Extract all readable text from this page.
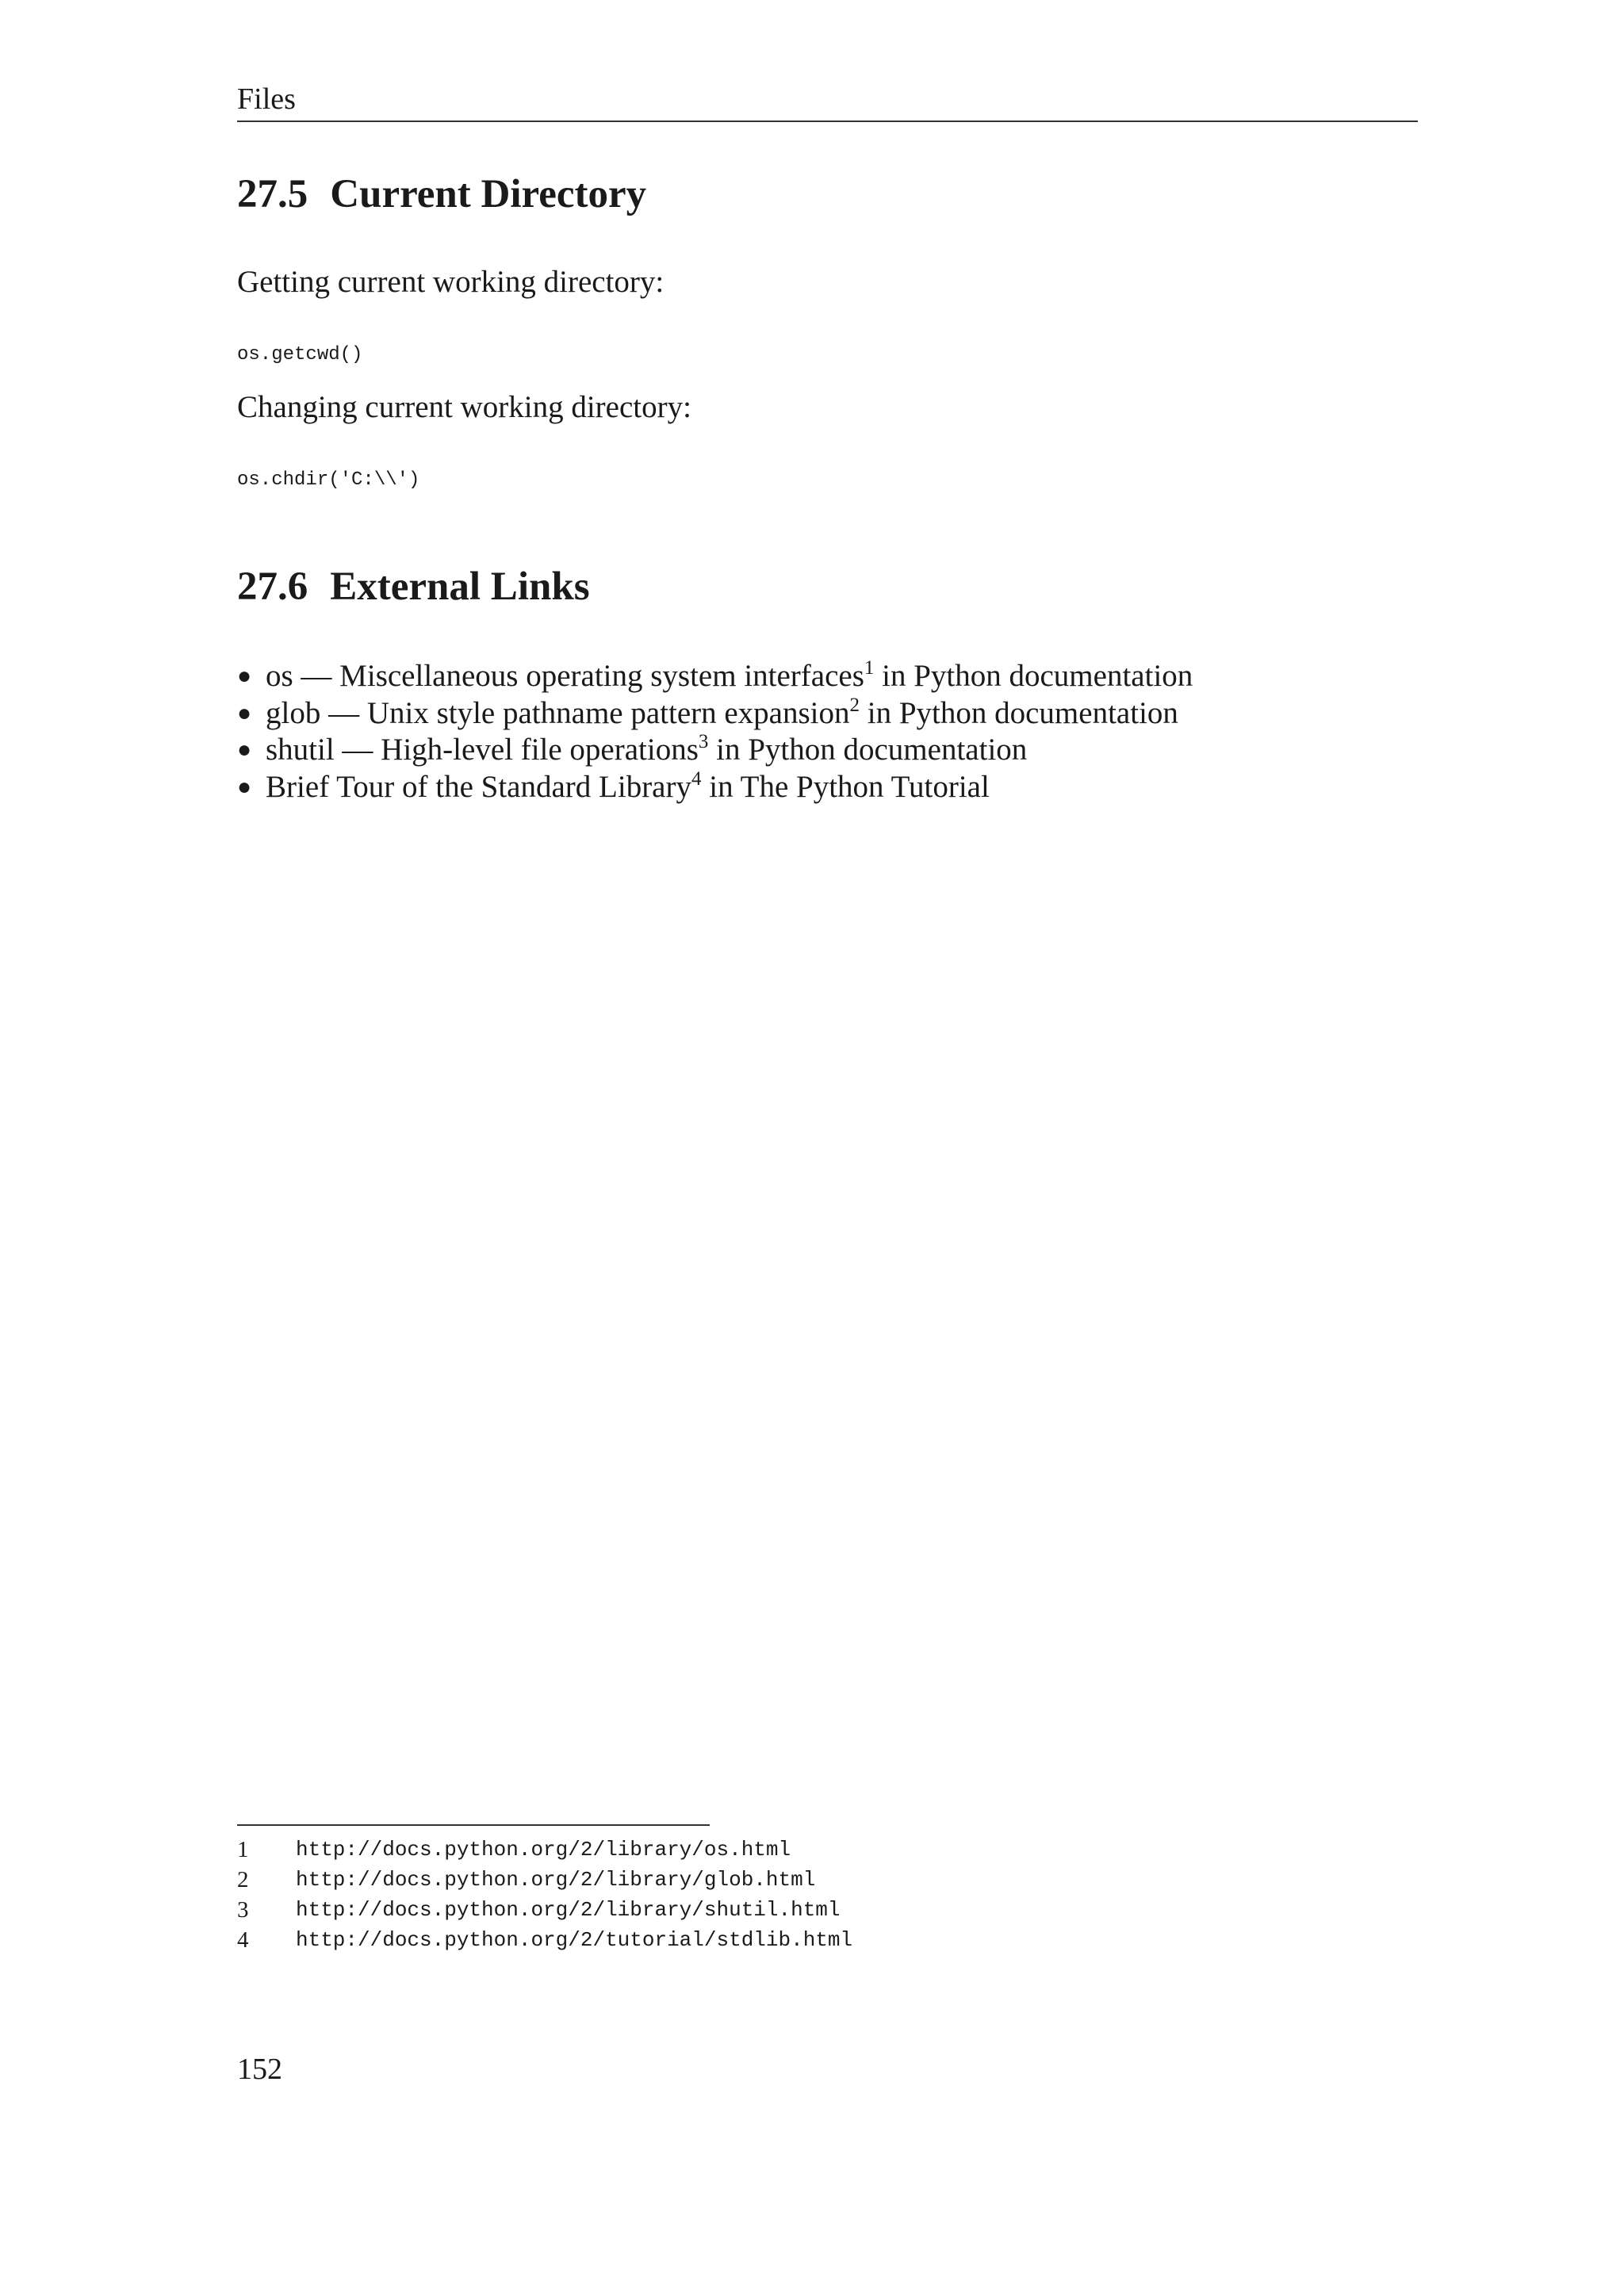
Files
27.5 Current Directory
Getting current working directory:
os.getcwd()
Changing current working directory:
os.chdir('C:\\')
27.6 External Links
● os — Miscellaneous operating system interfaces$^1$ in Python documentation
● glob — Unix style pathname pattern expansion$^2$ in Python documentation
● shutil — High-level file operations$^3$ in Python documentation
● Brief Tour of the Standard Library$^4$ in The Python Tutorial
1 http://docs.python.org/2/library/os.html
2 http://docs.python.org/2/library/glob.html
3 http://docs.python.org/2/library/shutil.html
4 http://docs.python.org/2/tutorial/stdlib.html
152
